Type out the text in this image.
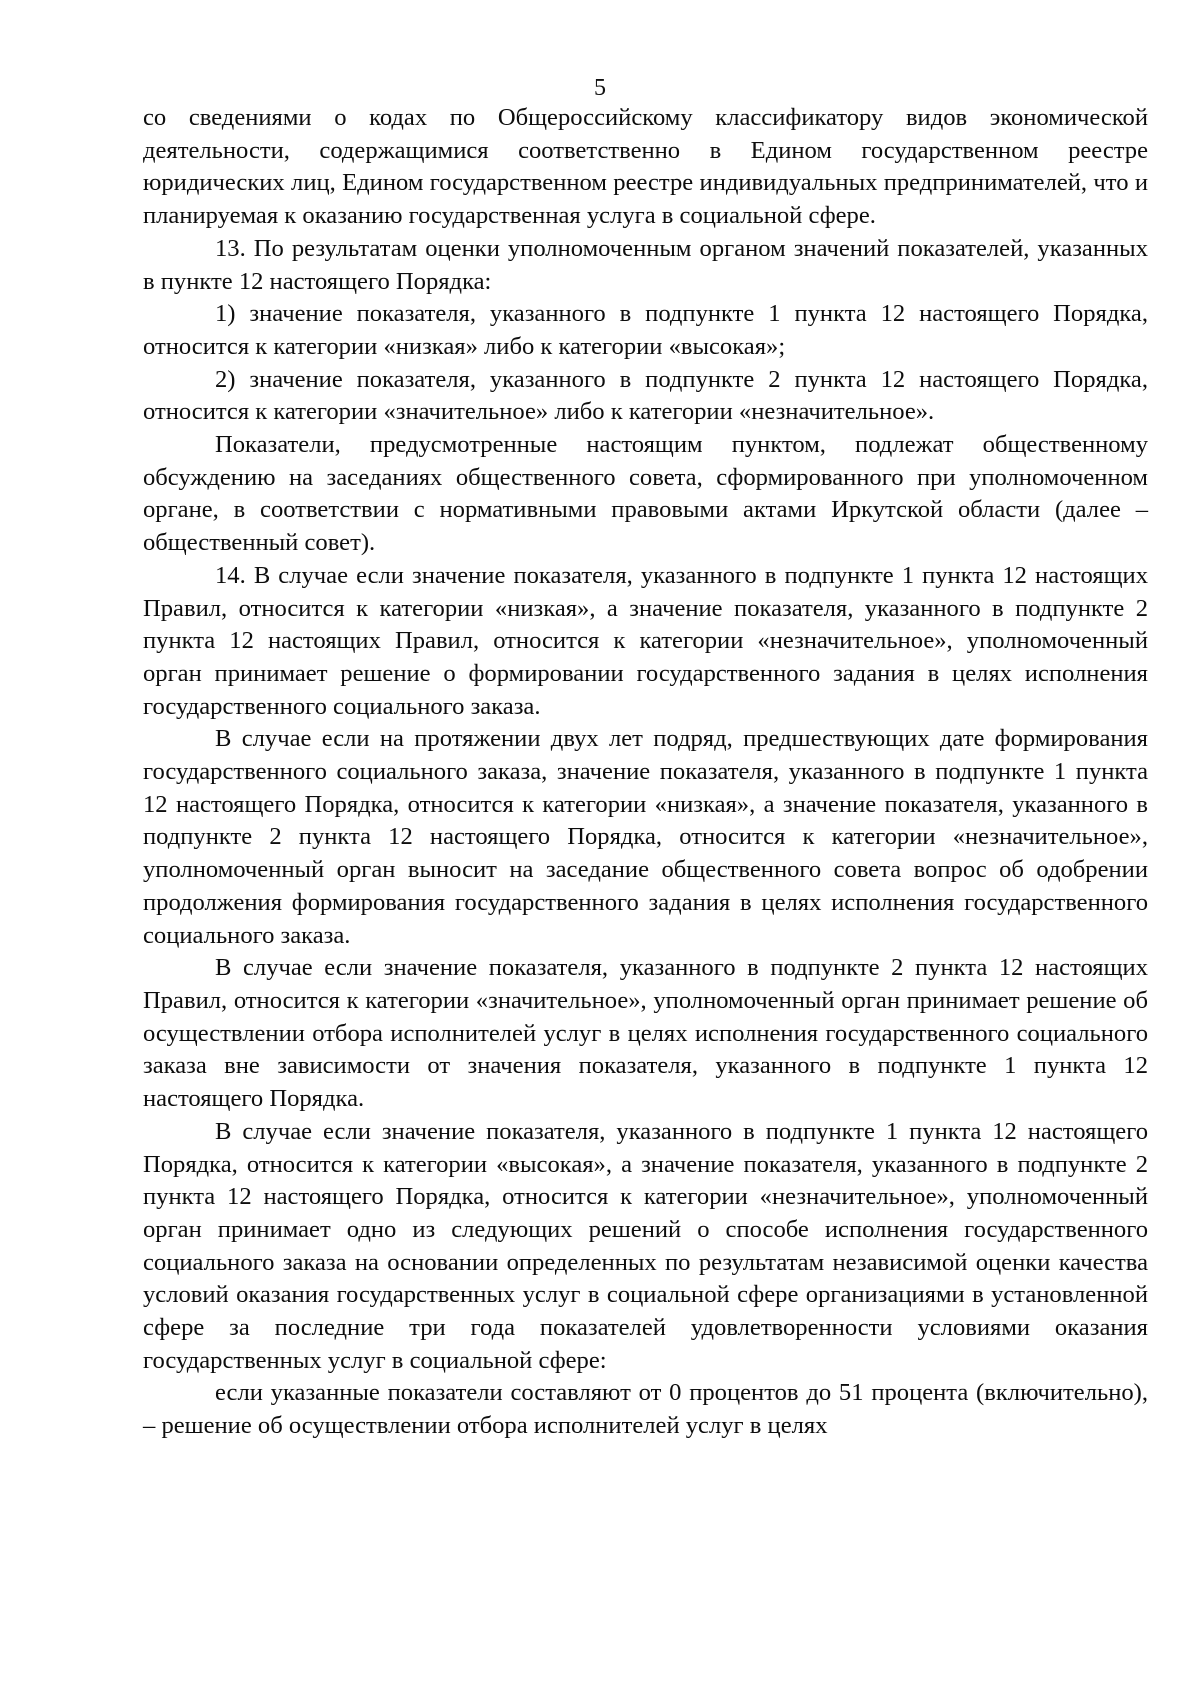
5

со сведениями о кодах по Общероссийскому классификатору видов экономической деятельности, содержащимися соответственно в Едином государственном реестре юридических лиц, Едином государственном реестре индивидуальных предпринимателей, что и планируемая к оказанию государственная услуга в социальной сфере.

13. По результатам оценки уполномоченным органом значений показателей, указанных в пункте 12 настоящего Порядка:

1) значение показателя, указанного в подпункте 1 пункта 12 настоящего Порядка, относится к категории «низкая» либо к категории «высокая»;

2) значение показателя, указанного в подпункте 2 пункта 12 настоящего Порядка, относится к категории «значительное» либо к категории «незначительное».

Показатели, предусмотренные настоящим пунктом, подлежат общественному обсуждению на заседаниях общественного совета, сформированного при уполномоченном органе, в соответствии с нормативными правовыми актами Иркутской области (далее – общественный совет).

14. В случае если значение показателя, указанного в подпункте 1 пункта 12 настоящих Правил, относится к категории «низкая», а значение показателя, указанного в подпункте 2 пункта 12 настоящих Правил, относится к категории «незначительное», уполномоченный орган принимает решение о формировании государственного задания в целях исполнения государственного социального заказа.

В случае если на протяжении двух лет подряд, предшествующих дате формирования государственного социального заказа, значение показателя, указанного в подпункте 1 пункта 12 настоящего Порядка, относится к категории «низкая», а значение показателя, указанного в подпункте 2 пункта 12 настоящего Порядка, относится к категории «незначительное», уполномоченный орган выносит на заседание общественного совета вопрос об одобрении продолжения формирования государственного задания в целях исполнения государственного социального заказа.

В случае если значение показателя, указанного в подпункте 2 пункта 12 настоящих Правил, относится к категории «значительное», уполномоченный орган принимает решение об осуществлении отбора исполнителей услуг в целях исполнения государственного социального заказа вне зависимости от значения показателя, указанного в подпункте 1 пункта 12 настоящего Порядка.

В случае если значение показателя, указанного в подпункте 1 пункта 12 настоящего Порядка, относится к категории «высокая», а значение показателя, указанного в подпункте 2 пункта 12 настоящего Порядка, относится к категории «незначительное», уполномоченный орган принимает одно из следующих решений о способе исполнения государственного социального заказа на основании определенных по результатам независимой оценки качества условий оказания государственных услуг в социальной сфере организациями в установленной сфере за последние три года показателей удовлетворенности условиями оказания государственных услуг в социальной сфере:

если указанные показатели составляют от 0 процентов до 51 процента (включительно), – решение об осуществлении отбора исполнителей услуг в целях
